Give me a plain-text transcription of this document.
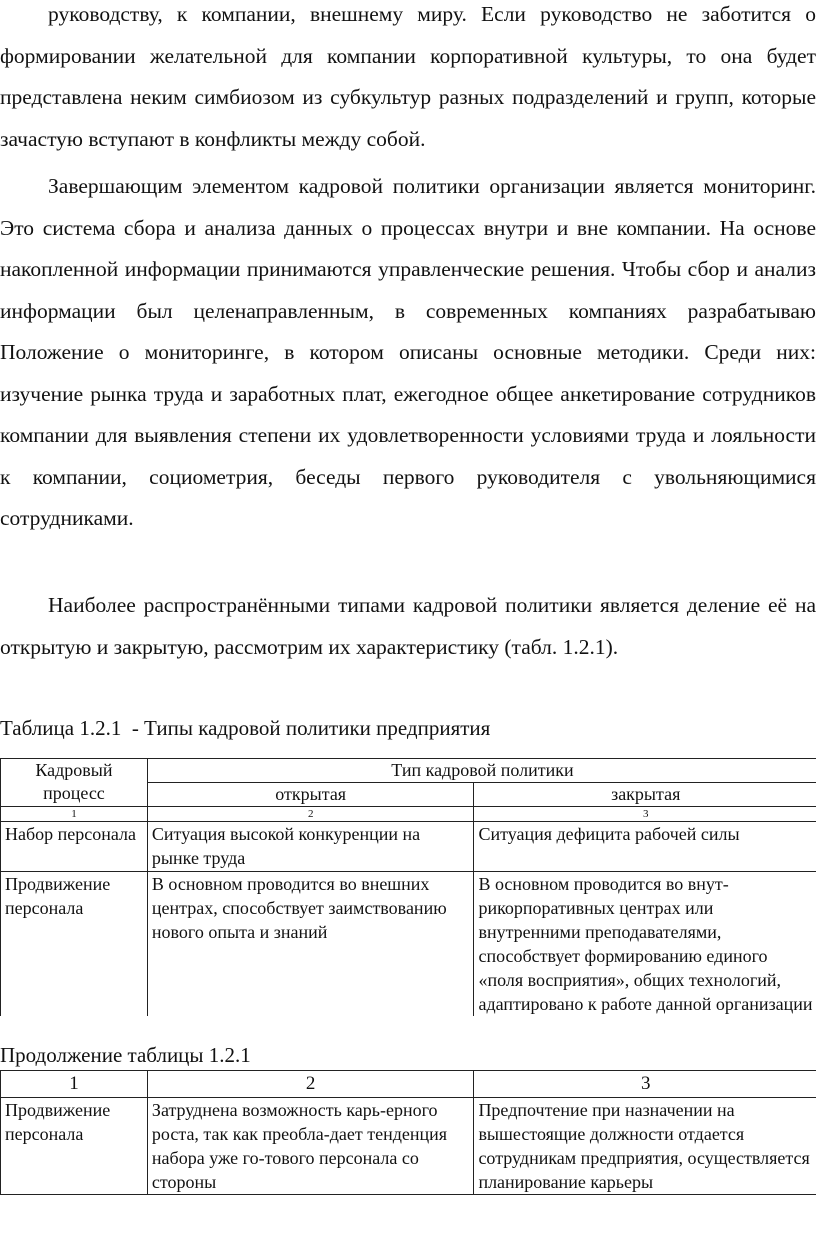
руководству, к компании, внешнему миру. Если руководство не заботится о формировании желательной для компании корпоративной культуры, то она будет представлена неким симбиозом из субкультур разных подразделений и групп, которые зачастую вступают в конфликты между собой.

Завершающим элементом кадровой политики организации является мониторинг. Это система сбора и анализа данных о процессах внутри и вне компании. На основе накопленной информации принимаются управленческие решения. Чтобы сбор и анализ информации был целенаправленным, в современных компаниях разрабатываю Положение о мониторинге, в котором описаны основные методики. Среди них: изучение рынка труда и заработных плат, ежегодное общее анкетирование сотрудников компании для выявления степени их удовлетворенности условиями труда и лояльности к компании, социометрия, беседы первого руководителя с увольняющимися сотрудниками.

Наиболее распространёнными типами кадровой политики является деление её на открытую и закрытую, рассмотрим их характеристику (табл. 1.2.1).

Таблица 1.2.1  - Типы кадровой политики предприятия
Кадровый процесс	Тип кадровой политики	
	открытая	закрытая
1	2	3
Набор персонала	Ситуация высокой конкуренции на рынке труда	Ситуация дефицита рабочей силы
Продвижение персонала	В основном проводится во внешних центрах, способствует заимствованию нового опыта и знаний	В основном проводится во внут-рикорпоративных центрах или внутренними преподавателями, способствует формированию единого «поля восприятия», общих технологий, адаптировано к работе данной организации
Продолжение таблицы 1.2.1
1	2	3
Продвижение персонала	Затруднена возможность карь-ерного роста, так как преобла-дает тенденция набора уже го-тового персонала со стороны	Предпочтение при назначении на вышестоящие должности отдается сотрудникам предприятия, осуществляется планирование карьеры
